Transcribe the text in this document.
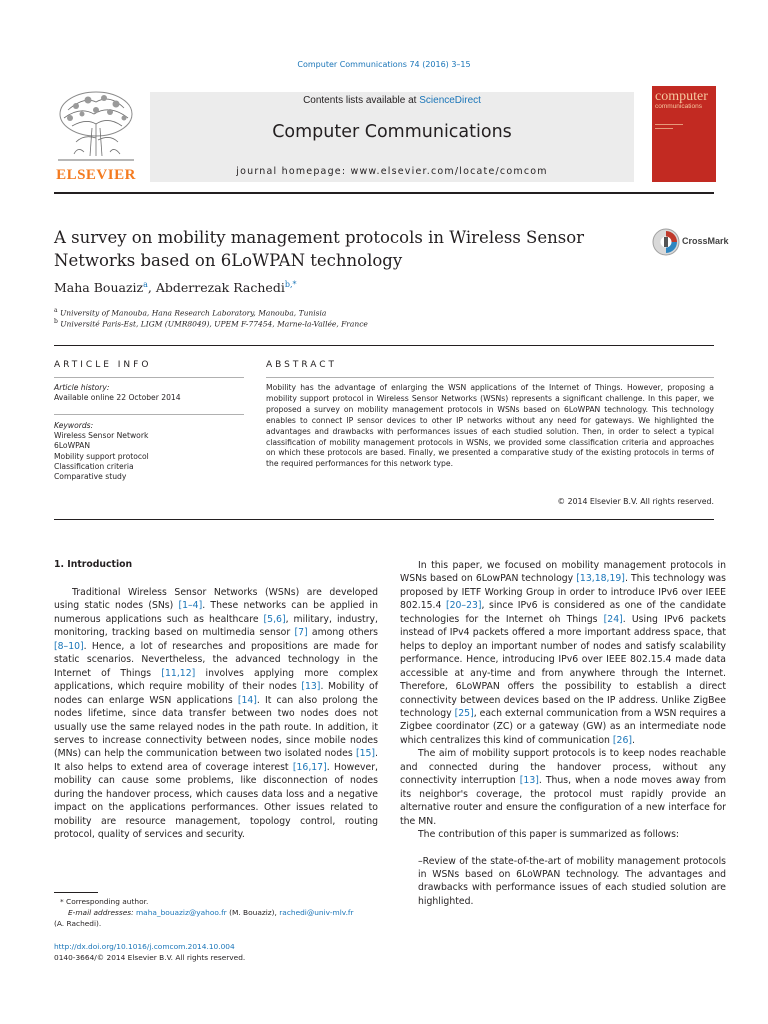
Computer Communications 74 (2016) 3–15
ELSEVIER
Contents lists available at ScienceDirect
Computer Communications
journal homepage: www.elsevier.com/locate/comcom
computer
communications
A survey on mobility management protocols in Wireless Sensor
Networks based on 6LoWPAN technology
CrossMark
Maha Bouaziz$^a$, Abderrezak Rachedi$^{b,*}$
$^a$ University of Manouba, Hana Research Laboratory, Manouba, Tunisia
$^b$ Université Paris-Est, LIGM (UMR8049), UPEM F-77454, Marne-la-Vallée, France
ARTICLE INFO
Article history:
Available online 22 October 2014
Keywords:
Wireless Sensor Network
6LoWPAN
Mobility support protocol
Classification criteria
Comparative study
ABSTRACT
Mobility has the advantage of enlarging the WSN applications of the Internet of Things. However, proposing a mobility support protocol in Wireless Sensor Networks (WSNs) represents a significant challenge. In this paper, we proposed a survey on mobility management protocols in WSNs based on 6LoWPAN technology. This technology enables to connect IP sensor devices to other IP networks without any need for gateways. We highlighted the advantages and drawbacks with performances issues of each studied solution. Then, in order to select a typical classification of mobility management protocols in WSNs, we provided some classification criteria and approaches on which these protocols are based. Finally, we presented a comparative study of the existing protocols in terms of the required performances for this network type.
© 2014 Elsevier B.V. All rights reserved.
1. Introduction

Traditional Wireless Sensor Networks (WSNs) are developed using static nodes (SNs) [1–4]. These networks can be applied in numerous applications such as healthcare [5,6], military, industry, monitoring, tracking based on multimedia sensor [7] among others [8–10]. Hence, a lot of researches and propositions are made for static scenarios. Nevertheless, the advanced technology in the Internet of Things [11,12] involves applying more complex applications, which require mobility of their nodes [13]. Mobility of nodes can enlarge WSN applications [14]. It can also prolong the nodes lifetime, since data transfer between two nodes does not usually use the same relayed nodes in the path route. In addition, it serves to increase connectivity between nodes, since mobile nodes (MNs) can help the communication between two isolated nodes [15]. It also helps to extend area of coverage interest [16,17]. However, mobility can cause some problems, like disconnection of nodes during the handover process, which causes data loss and a negative impact on the applications performances. Other issues related to mobility are resource management, topology control, routing protocol, quality of services and security.

In this paper, we focused on mobility management protocols in WSNs based on 6LowPAN technology [13,18,19]. This technology was proposed by IETF Working Group in order to introduce IPv6 over IEEE 802.15.4 [20–23], since IPv6 is considered as one of the candidate technologies for the Internet oh Things [24]. Using IPv6 packets instead of IPv4 packets offered a more important address space, that helps to deploy an important number of nodes and satisfy scalability performance. Hence, introducing IPv6 over IEEE 802.15.4 made data accessible at any-time and from anywhere through the Internet. Therefore, 6LoWPAN offers the possibility to establish a direct connectivity between devices based on the IP address. Unlike ZigBee technology [25], each external communication from a WSN requires a Zigbee coordinator (ZC) or a gateway (GW) as an intermediate node which centralizes this kind of communication [26].

The aim of mobility support protocols is to keep nodes reachable and connected during the handover process, without any connectivity interruption [13]. Thus, when a node moves away from its neighbor's coverage, the protocol must rapidly provide an alternative router and ensure the configuration of a new interface for the MN.

The contribution of this paper is summarized as follows:

–Review of the state-of-the-art of mobility management protocols in WSNs based on 6LoWPAN technology. The advantages and drawbacks with performance issues of each studied solution are highlighted.

* Corresponding author.
E-mail addresses: maha_bouaziz@yahoo.fr (M. Bouaziz), rachedi@univ-mlv.fr
(A. Rachedi).
http://dx.doi.org/10.1016/j.comcom.2014.10.004
0140-3664/© 2014 Elsevier B.V. All rights reserved.
